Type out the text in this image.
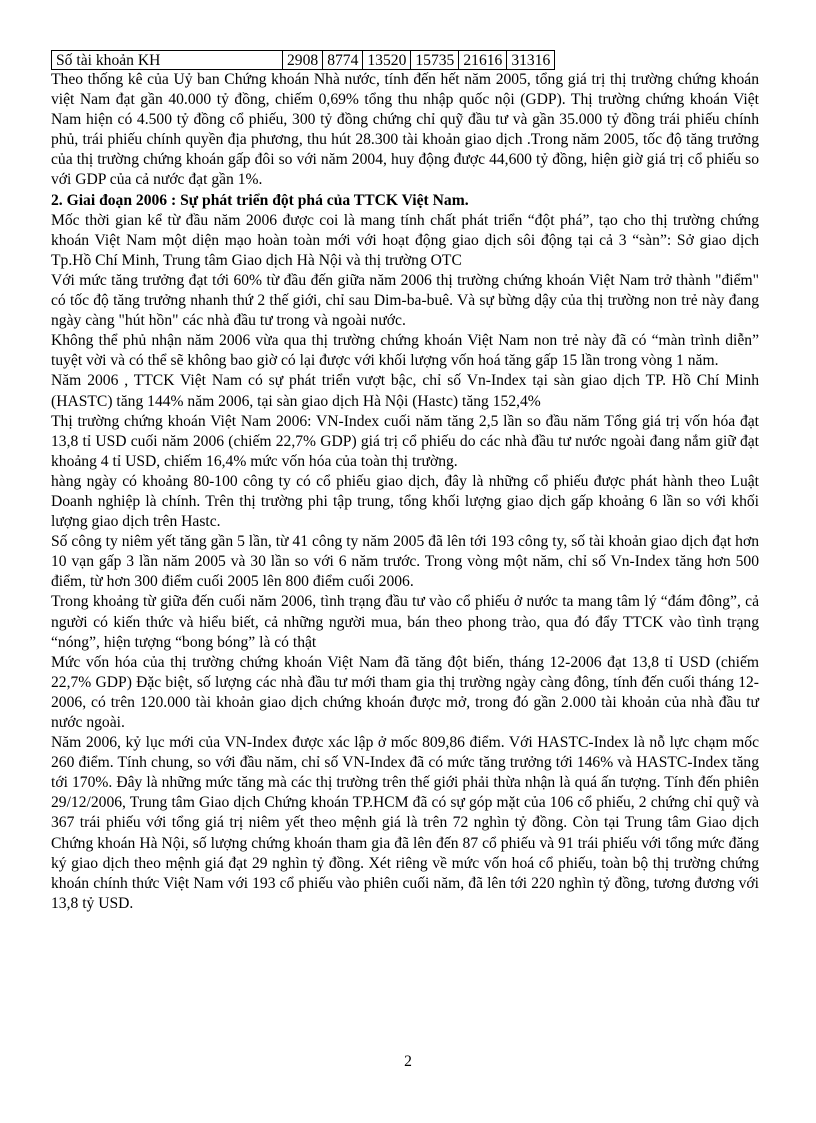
Số tài khoản KH	2908	8774	13520	15735	21616	31316

Theo thống kê của Uỷ ban Chứng khoán Nhà nước, tính đến hết năm 2005, tổng giá trị thị trường chứng khoán việt Nam đạt gần 40.000 tỷ đồng, chiếm 0,69% tổng thu nhập quốc nội (GDP). Thị trường chứng khoán Việt Nam hiện có 4.500 tỷ đồng cổ phiếu, 300 tỷ đồng chứng chỉ quỹ đầu tư và gần 35.000 tỷ đồng trái phiếu chính phủ, trái phiếu chính quyền địa phương, thu hút 28.300 tài khoản giao dịch .Trong năm 2005, tốc độ tăng trưởng của thị trường chứng khoán gấp đôi so với năm 2004, huy động được 44,600 tỷ đồng, hiện giờ giá trị cổ phiếu so với GDP của cả nước đạt gần 1%.

2. Giai đoạn 2006 : Sự phát triển đột phá của TTCK Việt Nam.

Mốc thời gian kể từ đầu năm 2006 được coi là mang tính chất phát triển “đột phá”, tạo cho thị trường chứng khoán Việt Nam một diện mạo hoàn toàn mới với hoạt động giao dịch sôi động tại cả 3 “sàn”: Sở giao dịch Tp.Hồ Chí Minh, Trung tâm Giao dịch Hà Nội và thị trường OTC

Với mức tăng trưởng đạt tới 60% từ đầu đến giữa năm 2006 thị trường chứng khoán Việt Nam trở thành "điểm" có tốc độ tăng trưởng nhanh thứ 2 thế giới, chỉ sau Dim-ba-buê. Và sự bừng dậy của thị trường non trẻ này đang ngày càng "hút hồn" các nhà đầu tư trong và ngoài nước.

Không thể phủ nhận năm 2006 vừa qua thị trường chứng khoán Việt Nam non trẻ này đã có “màn trình diễn” tuyệt vời và có thể sẽ không bao giờ có lại được với khối lượng vốn hoá tăng gấp 15 lần trong vòng 1 năm.

Năm 2006 , TTCK Việt Nam có sự phát triển vượt bậc, chỉ số Vn-Index tại sàn giao dịch TP. Hồ Chí Minh (HASTC) tăng 144% năm 2006, tại sàn giao dịch Hà Nội (Hastc) tăng 152,4%

Thị trường chứng khoán Việt Nam 2006: VN-Index cuối năm tăng 2,5 lần so đầu năm Tổng giá trị vốn hóa đạt 13,8 tỉ USD cuối năm 2006 (chiếm 22,7% GDP) giá trị cổ phiếu do các nhà đầu tư nước ngoài đang nắm giữ đạt khoảng 4 tỉ USD, chiếm 16,4% mức vốn hóa của toàn thị trường.

hàng ngày có khoảng 80-100 công ty có cổ phiếu giao dịch, đây là những cổ phiếu được phát hành theo Luật Doanh nghiệp là chính. Trên thị trường phi tập trung, tổng khối lượng giao dịch gấp khoảng 6 lần so với khối lượng giao dịch trên Hastc.

Số công ty niêm yết tăng gần 5 lần, từ 41 công ty năm 2005 đã lên tới 193 công ty, số tài khoản giao dịch đạt hơn 10 vạn gấp 3 lần năm 2005 và 30 lần so với 6 năm trước. Trong vòng một năm, chỉ số Vn-Index tăng hơn 500 điểm, từ hơn 300 điểm cuối 2005 lên 800 điểm cuối 2006.

Trong khoảng từ giữa đến cuối năm 2006, tình trạng đầu tư vào cổ phiếu ở nước ta mang tâm lý “đám đông”, cả người có kiến thức và hiểu biết, cả những người mua, bán theo phong trào, qua đó đẩy TTCK vào tình trạng “nóng”, hiện tượng “bong bóng” là có thật

Mức vốn hóa của thị trường chứng khoán Việt Nam đã tăng đột biến, tháng 12-2006 đạt 13,8 tỉ USD (chiếm 22,7% GDP) Đặc biệt, số lượng các nhà đầu tư mới tham gia thị trường ngày càng đông, tính đến cuối tháng 12- 2006, có trên 120.000 tài khoản giao dịch chứng khoán được mở, trong đó gần 2.000 tài khoản của nhà đầu tư nước ngoài.

Năm 2006, kỷ lục mới của VN-Index được xác lập ở mốc 809,86 điểm. Với HASTC-Index là nỗ lực chạm mốc 260 điểm. Tính chung, so với đầu năm, chỉ số VN-Index đã có mức tăng trưởng tới 146% và HASTC-Index tăng tới 170%. Đây là những mức tăng mà các thị trường trên thế giới phải thừa nhận là quá ấn tượng. Tính đến phiên 29/12/2006, Trung tâm Giao dịch Chứng khoán TP.HCM đã có sự góp mặt của 106 cổ phiếu, 2 chứng chỉ quỹ và 367 trái phiếu với tổng giá trị niêm yết theo mệnh giá là trên 72 nghìn tỷ đồng. Còn tại Trung tâm Giao dịch Chứng khoán Hà Nội, số lượng chứng khoán tham gia đã lên đến 87 cổ phiếu và 91 trái phiếu với tổng mức đăng ký giao dịch theo mệnh giá đạt 29 nghìn tỷ đồng. Xét riêng về mức vốn hoá cổ phiếu, toàn bộ thị trường chứng khoán chính thức Việt Nam với 193 cổ phiếu vào phiên cuối năm, đã lên tới 220 nghìn tỷ đồng, tương đương với 13,8 tỷ USD.

2
